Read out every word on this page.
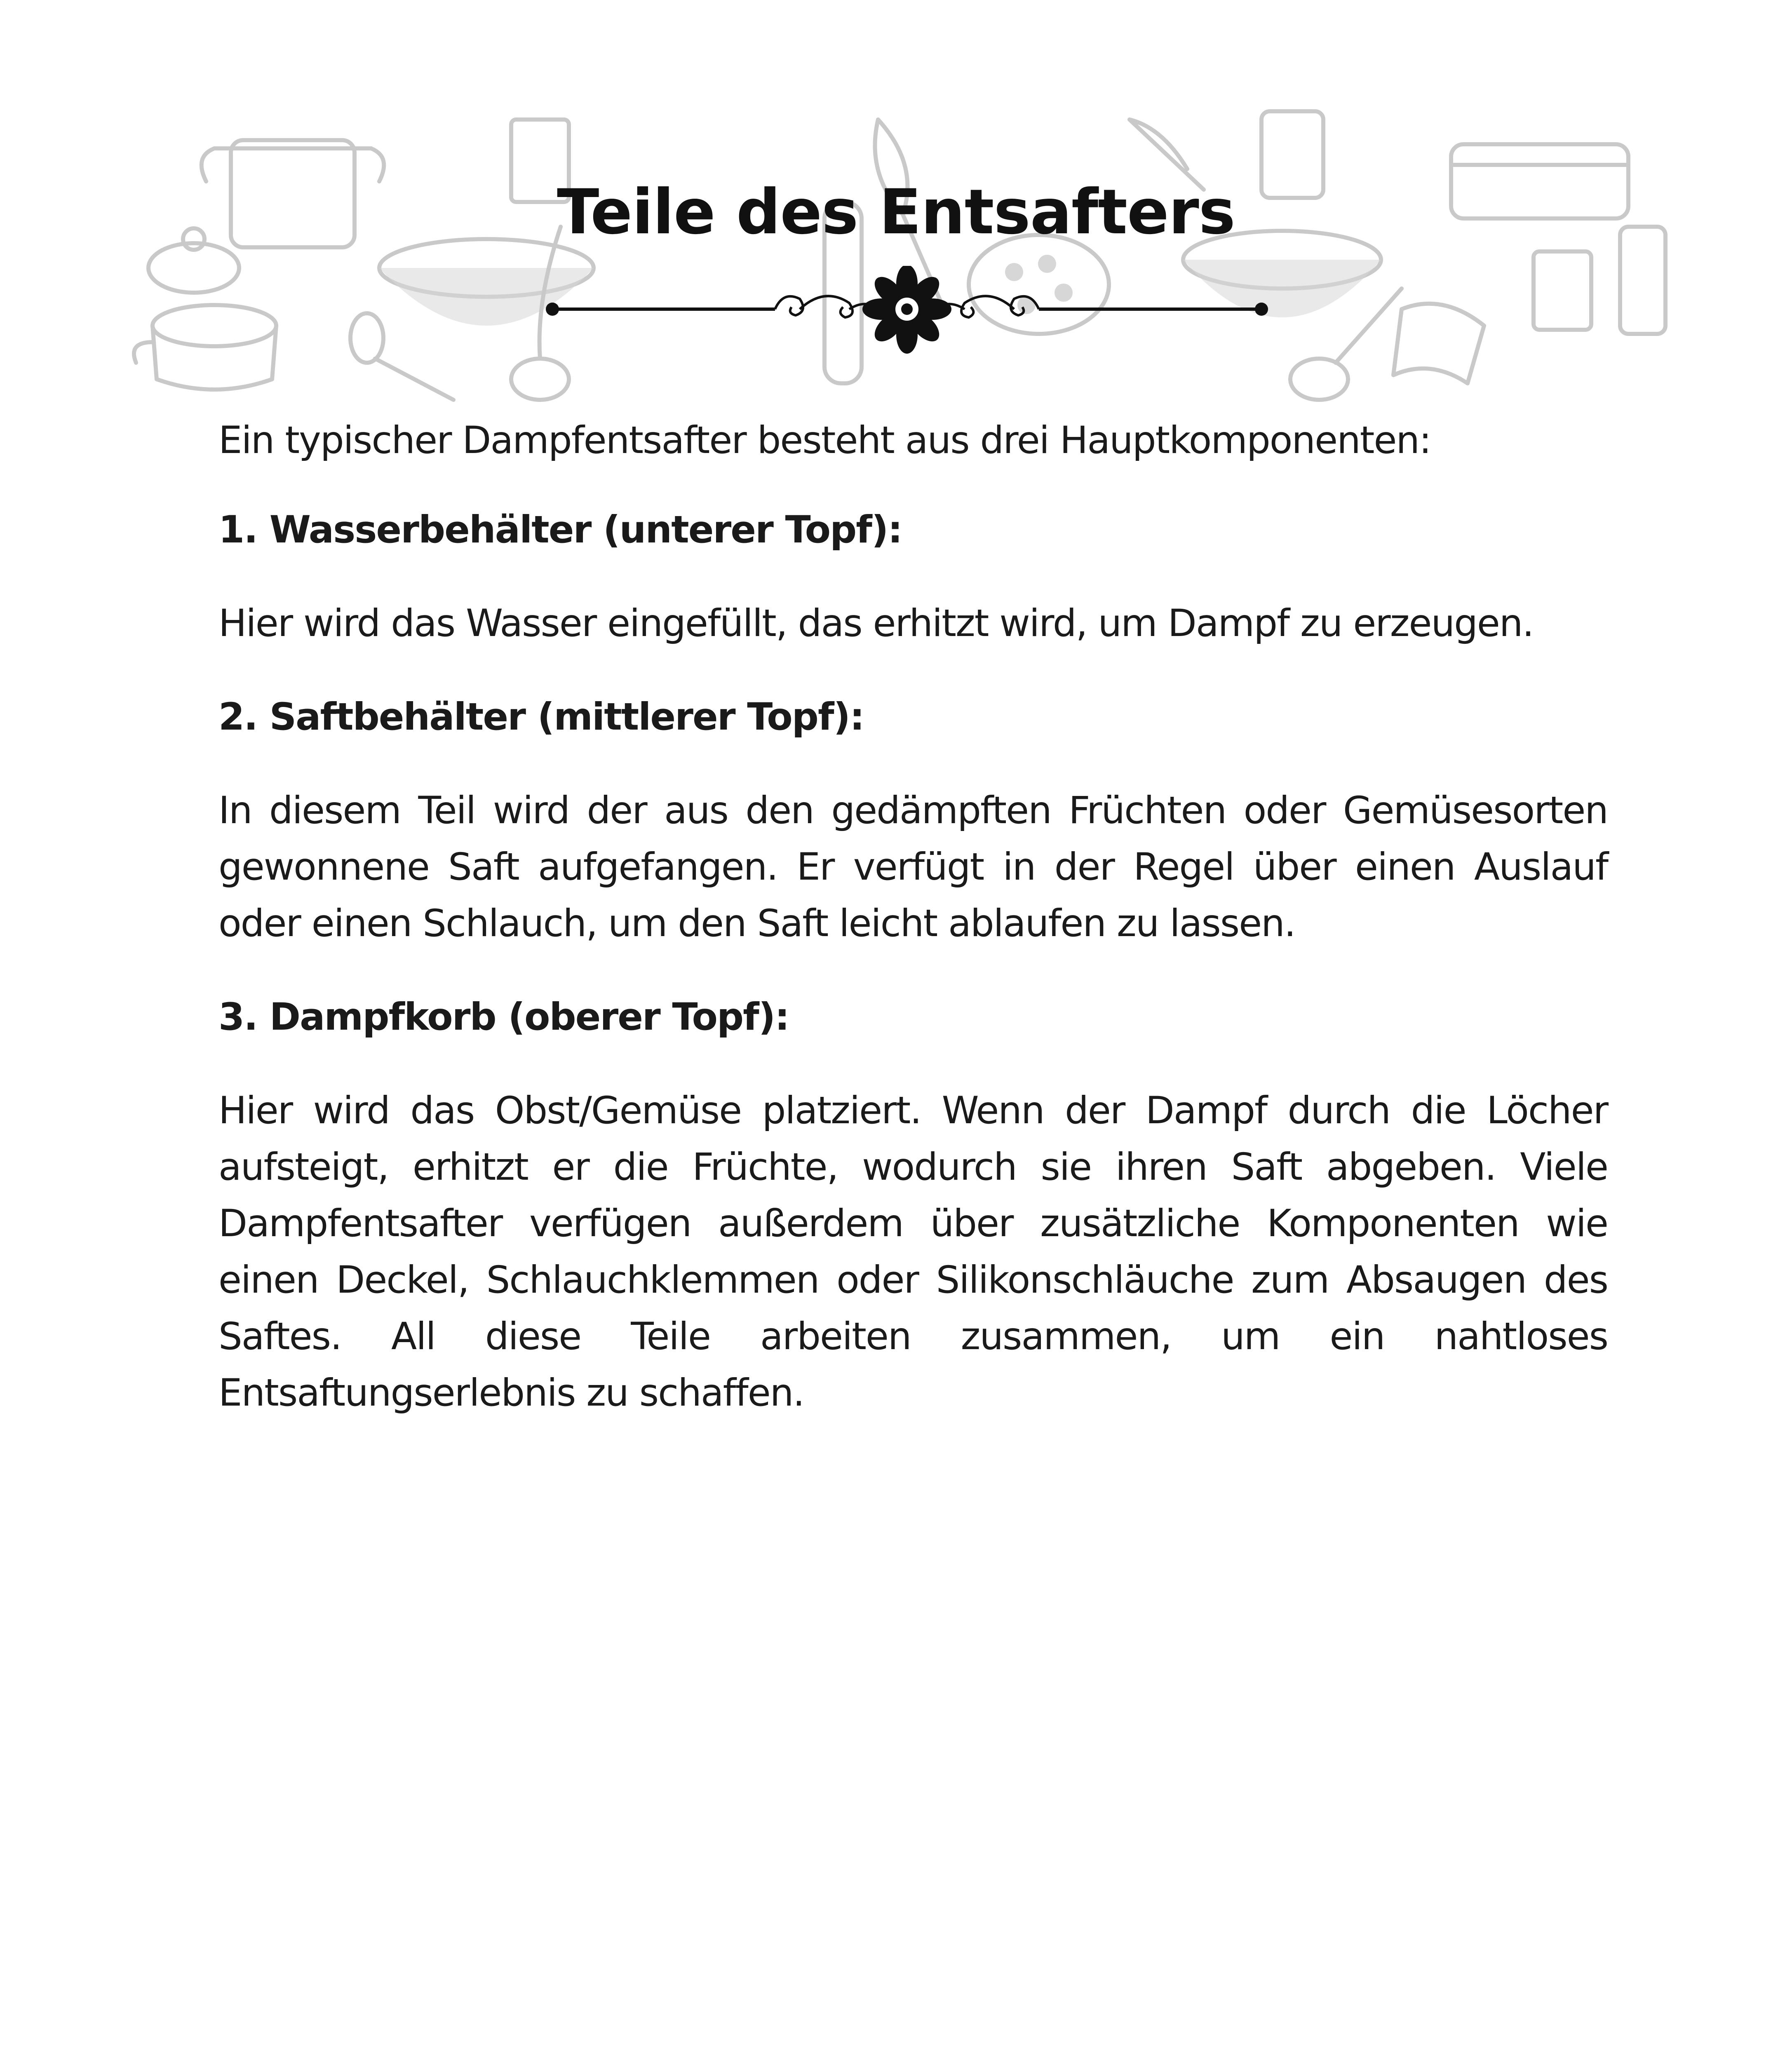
Teile des Entsafters

Ein typischer Dampfentsafter besteht aus drei Hauptkomponenten:

1. Wasserbehälter (unterer Topf):

Hier wird das Wasser eingefüllt, das erhitzt wird, um Dampf zu erzeugen.

2. Saftbehälter (mittlerer Topf):

In diesem Teil wird der aus den gedämpften Früchten oder Gemüsesorten gewonnene Saft aufgefangen. Er verfügt in der Regel über einen Auslauf oder einen Schlauch, um den Saft leicht ablaufen zu lassen.

3. Dampfkorb (oberer Topf):

Hier wird das Obst/Gemüse platziert. Wenn der Dampf durch die Löcher aufsteigt, erhitzt er die Früchte, wodurch sie ihren Saft abgeben. Viele Dampfentsafter verfügen außerdem über zusätzliche Komponenten wie einen Deckel, Schlauchklemmen oder Silikonschläuche zum Absaugen des Saftes. All diese Teile arbeiten zusammen, um ein nahtloses Entsaftungserlebnis zu schaffen.
